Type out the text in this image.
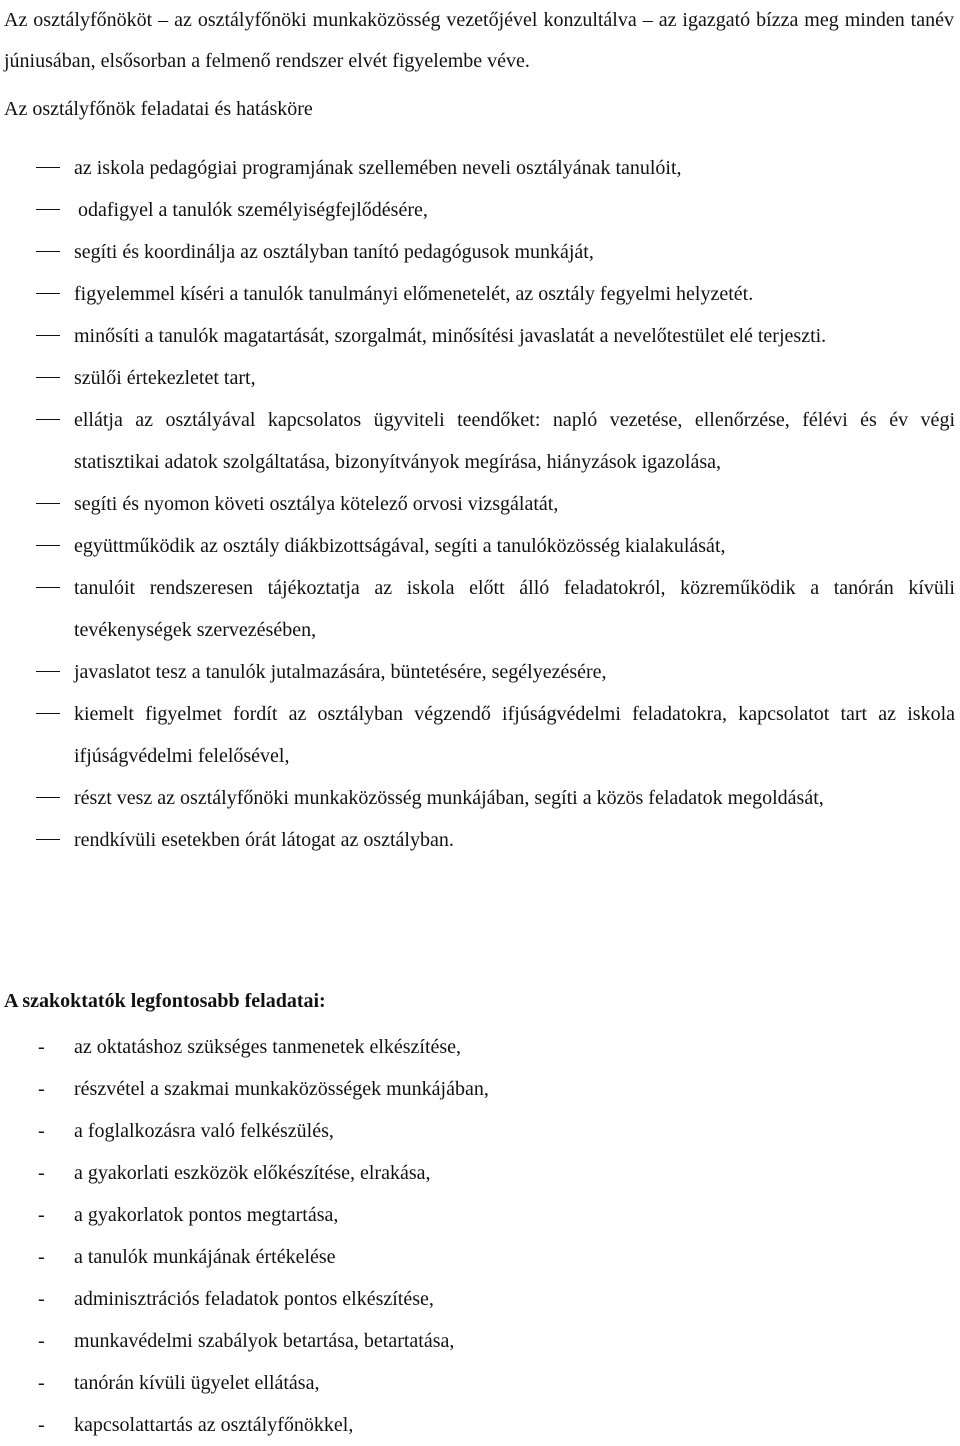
Az osztályfőnököt – az osztályfőnöki munkaközösség vezetőjével konzultálva – az igazgató bízza meg minden tanév júniusában, elsősorban a felmenő rendszer elvét figyelembe véve.

Az osztályfőnök feladatai és hatásköre
az iskola pedagógiai programjának szellemében neveli osztályának tanulóit,
odafigyel a tanulók személyiségfejlődésére,
segíti és koordinálja az osztályban tanító pedagógusok munkáját,
figyelemmel kíséri a tanulók tanulmányi előmenetelét, az osztály fegyelmi helyzetét.
minősíti a tanulók magatartását, szorgalmát, minősítési javaslatát a nevelőtestület elé terjeszti.
szülői értekezletet tart,
ellátja az osztályával kapcsolatos ügyviteli teendőket: napló vezetése, ellenőrzése, félévi és év végi statisztikai adatok szolgáltatása, bizonyítványok megírása, hiányzások igazolása,
segíti és nyomon követi osztálya kötelező orvosi vizsgálatát,
együttműködik az osztály diákbizottságával, segíti a tanulóközösség kialakulását,
tanulóit rendszeresen tájékoztatja az iskola előtt álló feladatokról, közreműködik a tanórán kívüli tevékenységek szervezésében,
javaslatot tesz a tanulók jutalmazására, büntetésére, segélyezésére,
kiemelt figyelmet fordít az osztályban végzendő ifjúságvédelmi feladatokra, kapcsolatot tart az iskola ifjúságvédelmi felelősével,
részt vesz az osztályfőnöki munkaközösség munkájában, segíti a közös feladatok megoldását,
rendkívüli esetekben órát látogat az osztályban.
A szakoktatók legfontosabb feladatai:
- az oktatáshoz szükséges tanmenetek elkészítése,
- részvétel a szakmai munkaközösségek munkájában,
- a foglalkozásra való felkészülés,
- a gyakorlati eszközök előkészítése, elrakása,
- a gyakorlatok pontos megtartása,
- a tanulók munkájának értékelése
- adminisztrációs feladatok pontos elkészítése,
- munkavédelmi szabályok betartása, betartatása,
- tanórán kívüli ügyelet ellátása,
- kapcsolattartás az osztályfőnökkel,
